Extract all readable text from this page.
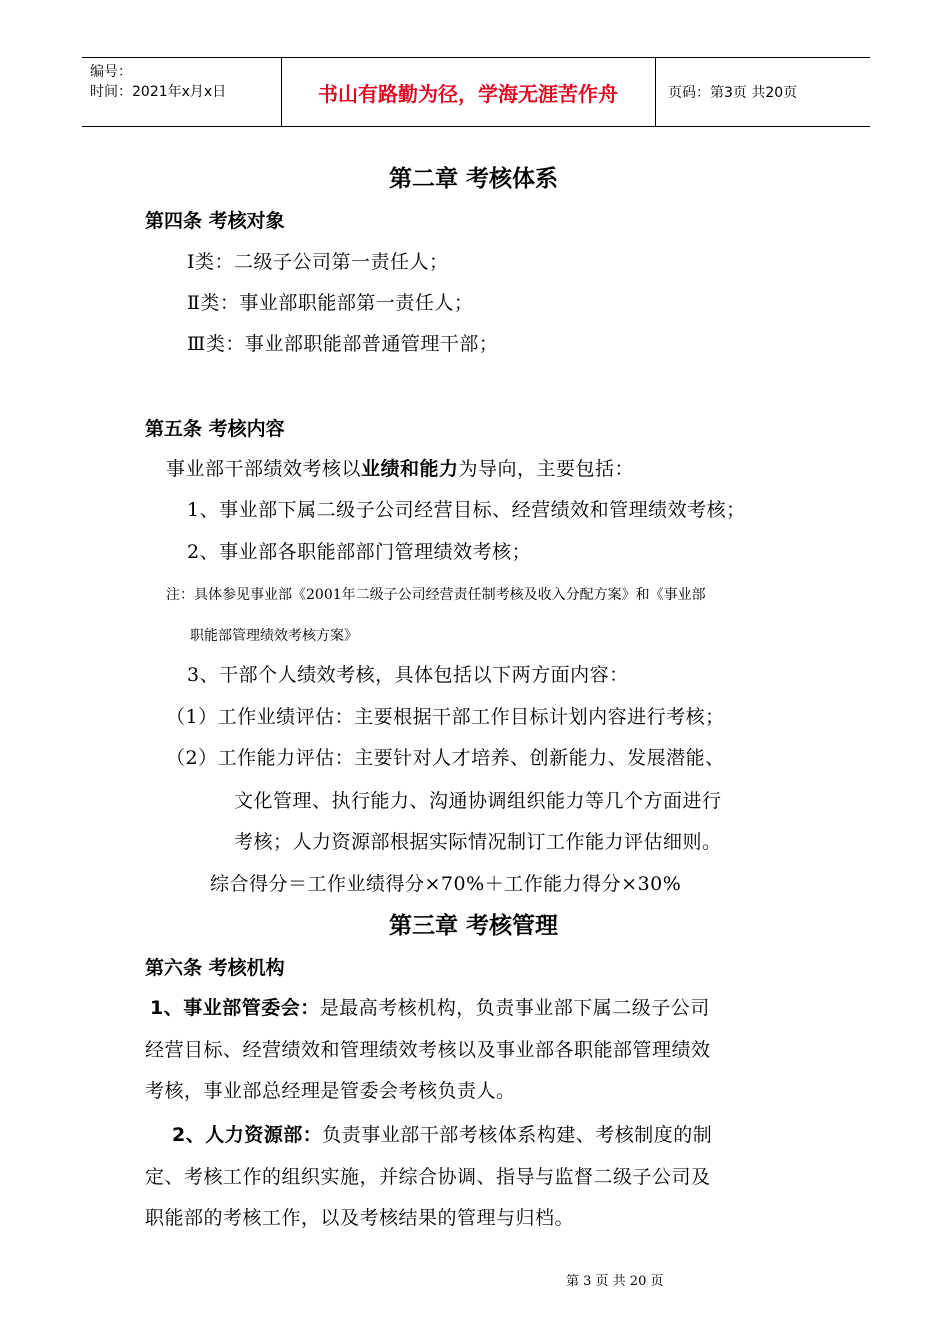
编号：
时间：2021年x月x日	书山有路勤为径，学海无涯苦作舟	页码：第3页 共20页
第二章 考核体系
第四条 考核对象
Ⅰ类：二级子公司第一责任人；
Ⅱ类：事业部职能部第一责任人；
Ⅲ类：事业部职能部普通管理干部；
第五条 考核内容
事业部干部绩效考核以业绩和能力为导向，主要包括：
1、事业部下属二级子公司经营目标、经营绩效和管理绩效考核；
2、事业部各职能部部门管理绩效考核；
注：具体参见事业部《2001年二级子公司经营责任制考核及收入分配方案》和《事业部
职能部管理绩效考核方案》
3、干部个人绩效考核，具体包括以下两方面内容：
（1）工作业绩评估：主要根据干部工作目标计划内容进行考核；
（2）工作能力评估：主要针对人才培养、创新能力、发展潜能、
文化管理、执行能力、沟通协调组织能力等几个方面进行
考核；人力资源部根据实际情况制订工作能力评估细则。
综合得分＝工作业绩得分×70%＋工作能力得分×30%
第三章 考核管理
第六条 考核机构
1、事业部管委会：是最高考核机构，负责事业部下属二级子公司
经营目标、经营绩效和管理绩效考核以及事业部各职能部管理绩效
考核，事业部总经理是管委会考核负责人。
2、人力资源部：负责事业部干部考核体系构建、考核制度的制
定、考核工作的组织实施，并综合协调、指导与监督二级子公司及
职能部的考核工作，以及考核结果的管理与归档。
第 3 页 共 20 页
